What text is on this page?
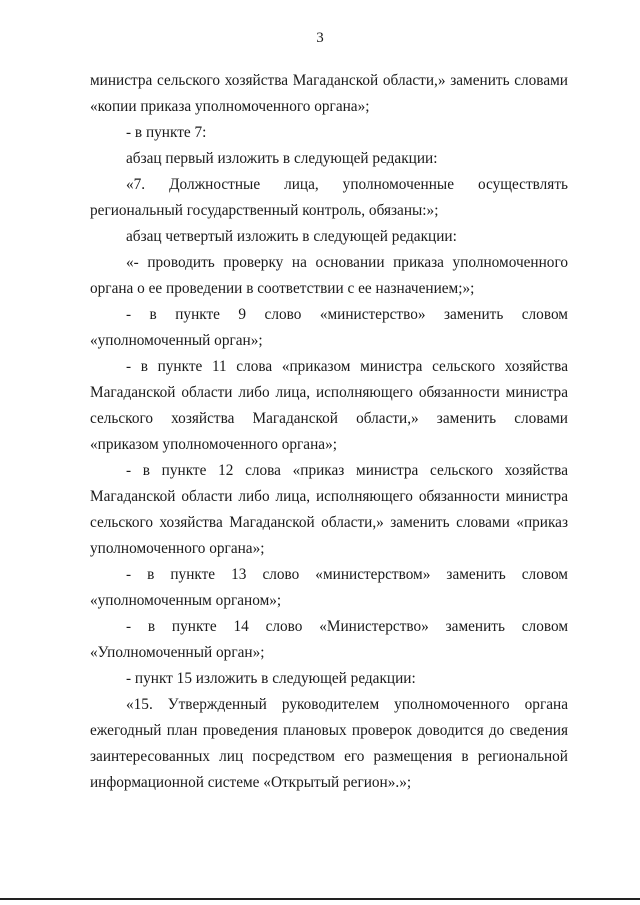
3

министра сельского хозяйства Магаданской области,» заменить словами «копии приказа уполномоченного органа»;

- в пункте 7:

абзац первый изложить в следующей редакции:

«7. Должностные лица, уполномоченные осуществлять региональный государственный контроль, обязаны:»;

абзац четвертый изложить в следующей редакции:

«- проводить проверку на основании приказа уполномоченного органа о ее проведении в соответствии с ее назначением;»;

- в пункте 9 слово «министерство» заменить словом «уполномоченный орган»;

- в пункте 11 слова «приказом министра сельского хозяйства Магаданской области либо лица, исполняющего обязанности министра сельского хозяйства Магаданской области,» заменить словами «приказом уполномоченного органа»;

- в пункте 12 слова «приказ министра сельского хозяйства Магаданской области либо лица, исполняющего обязанности министра сельского хозяйства Магаданской области,» заменить словами «приказ уполномоченного органа»;

- в пункте 13 слово «министерством» заменить словом «уполномоченным органом»;

- в пункте 14 слово «Министерство» заменить словом «Уполномоченный орган»;

- пункт 15 изложить в следующей редакции:

«15. Утвержденный руководителем уполномоченного органа ежегодный план проведения плановых проверок доводится до сведения заинтересованных лиц посредством его размещения в региональной информационной системе «Открытый регион».»;
